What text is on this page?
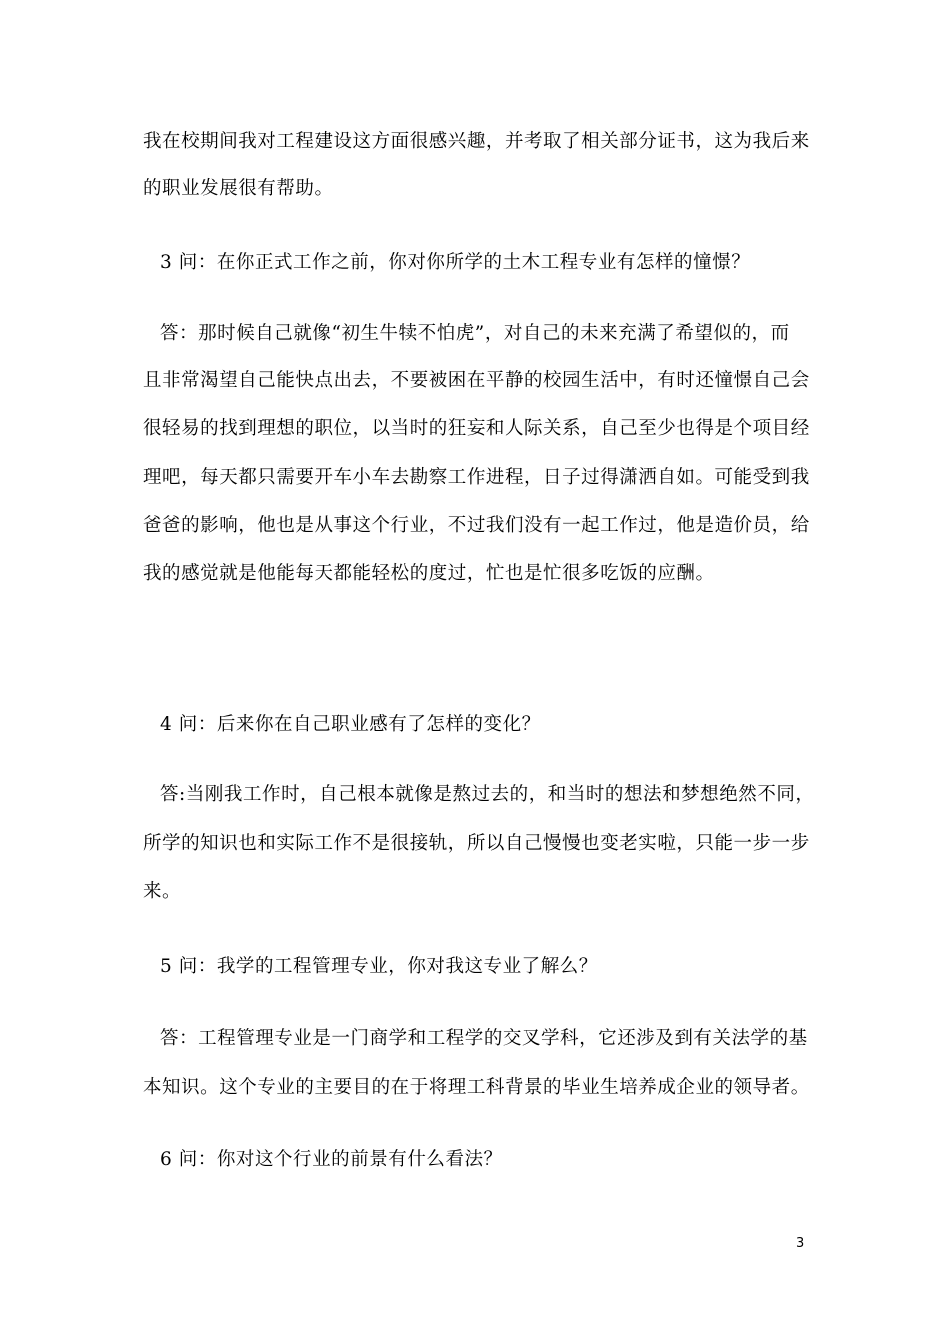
我在校期间我对工程建设这方面很感兴趣，并考取了相关部分证书，这为我后来
的职业发展很有帮助。
3 问：在你正式工作之前，你对你所学的土木工程专业有怎样的憧憬？
答：那时候自己就像“初生牛犊不怕虎”，对自己的未来充满了希望似的，而
且非常渴望自己能快点出去，不要被困在平静的校园生活中，有时还憧憬自己会
很轻易的找到理想的职位，以当时的狂妄和人际关系，自己至少也得是个项目经
理吧，每天都只需要开车小车去勘察工作进程，日子过得潇洒自如。可能受到我
爸爸的影响，他也是从事这个行业，不过我们没有一起工作过，他是造价员，给
我的感觉就是他能每天都能轻松的度过，忙也是忙很多吃饭的应酬。
4 问：后来你在自己职业感有了怎样的变化？
答:当刚我工作时，自己根本就像是熬过去的，和当时的想法和梦想绝然不同，
所学的知识也和实际工作不是很接轨，所以自己慢慢也变老实啦，只能一步一步
来。
5 问：我学的工程管理专业，你对我这专业了解么？
答：工程管理专业是一门商学和工程学的交叉学科，它还涉及到有关法学的基
本知识。这个专业的主要目的在于将理工科背景的毕业生培养成企业的领导者。
6 问：你对这个行业的前景有什么看法？
3
